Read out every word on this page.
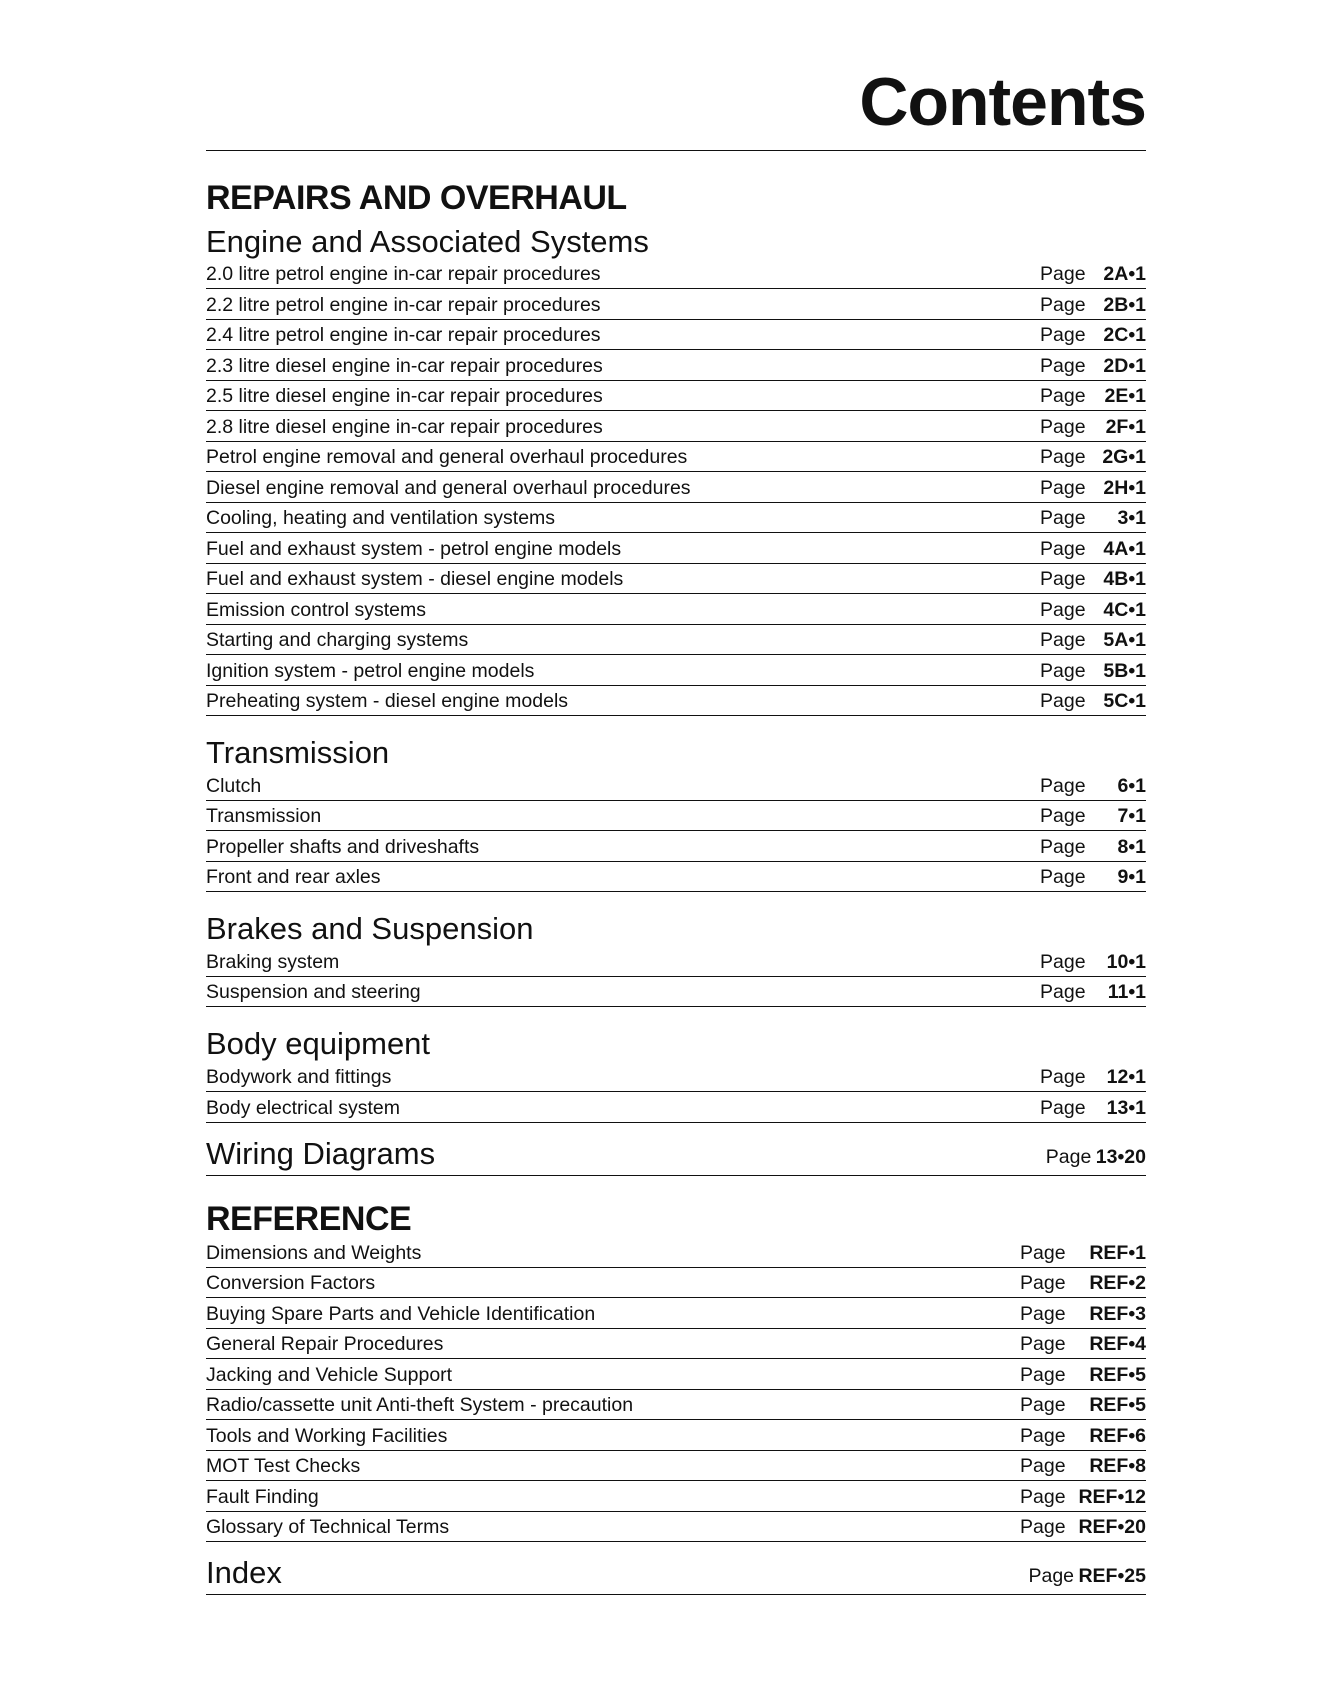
Contents
REPAIRS AND OVERHAUL
Engine and Associated Systems
2.0 litre petrol engine in-car repair procedures	Page 2A•1
2.2 litre petrol engine in-car repair procedures	Page 2B•1
2.4 litre petrol engine in-car repair procedures	Page 2C•1
2.3 litre diesel engine in-car repair procedures	Page 2D•1
2.5 litre diesel engine in-car repair procedures	Page 2E•1
2.8 litre diesel engine in-car repair procedures	Page	2F•1
Petrol engine removal and general overhaul procedures	Page 2G•1
Diesel engine removal and general overhaul procedures	Page 2H•1
Cooling, heating and ventilation systems	Page	3•1
Fuel and exhaust system - petrol engine models	Page 4A•1
Fuel and exhaust system - diesel engine models	Page 4B•1
Emission control systems	Page 4C•1
Starting and charging systems	Page 5A•1
Ignition system - petrol engine models	Page 5B•1
Preheating system - diesel engine models	Page 5C•1
Transmission
Clutch	Page	6•1
Transmission	Page	7•1
Propeller shafts and driveshafts	Page	8•1
Front and rear axles	Page	9•1
Brakes and Suspension
Braking system	Page	10•1
Suspension and steering	Page	11•1
Body equipment
Bodywork and fittings	Page	12•1
Body electrical system	Page	13•1
Wiring Diagrams	Page 13•20
REFERENCE
Dimensions and Weights	Page	REF•1
Conversion Factors	Page	REF•2
Buying Spare Parts and Vehicle Identification	Page	REF•3
General Repair Procedures	Page	REF•4
Jacking and Vehicle Support	Page	REF•5
Radio/cassette unit Anti-theft System - precaution	Page	REF•5
Tools and Working Facilities	Page	REF•6
MOT Test Checks	Page	REF•8
Fault Finding	Page REF•12
Glossary of Technical Terms	Page REF•20
Index	Page REF•25
